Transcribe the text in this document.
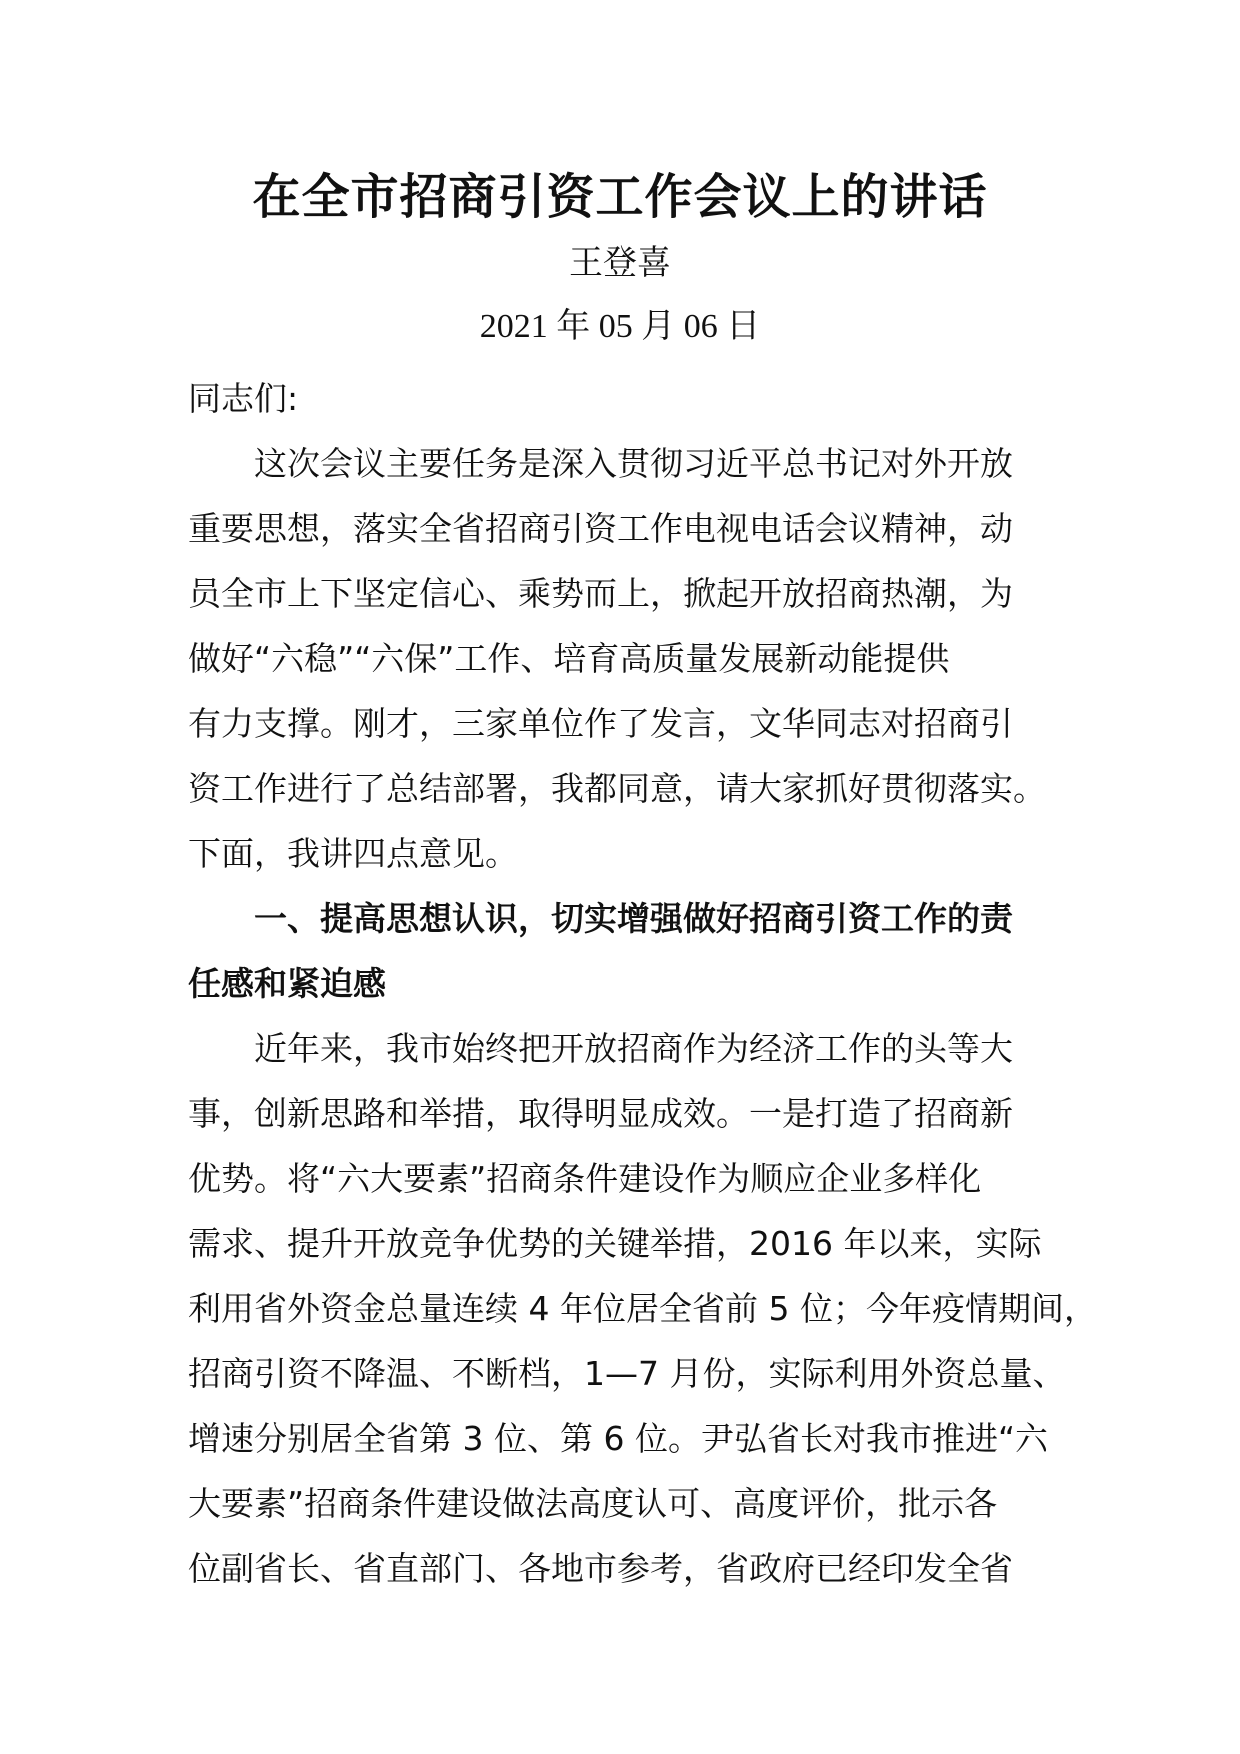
在全市招商引资工作会议上的讲话
王登喜
2021 年 05 月 06 日
同志们:
这次会议主要任务是深入贯彻习近平总书记对外开放
重要思想，落实全省招商引资工作电视电话会议精神，动
员全市上下坚定信心、乘势而上，掀起开放招商热潮，为
做好“六稳”“六保”工作、培育高质量发展新动能提供
有力支撑。刚才，三家单位作了发言，文华同志对招商引
资工作进行了总结部署，我都同意，请大家抓好贯彻落实。
下面，我讲四点意见。
一、提高思想认识，切实增强做好招商引资工作的责
任感和紧迫感
近年来，我市始终把开放招商作为经济工作的头等大
事，创新思路和举措，取得明显成效。一是打造了招商新
优势。将“六大要素”招商条件建设作为顺应企业多样化
需求、提升开放竞争优势的关键举措，2016 年以来，实际
利用省外资金总量连续 4 年位居全省前 5 位；今年疫情期间，
招商引资不降温、不断档，1—7 月份，实际利用外资总量、
增速分别居全省第 3 位、第 6 位。尹弘省长对我市推进“六
大要素”招商条件建设做法高度认可、高度评价，批示各
位副省长、省直部门、各地市参考，省政府已经印发全省
